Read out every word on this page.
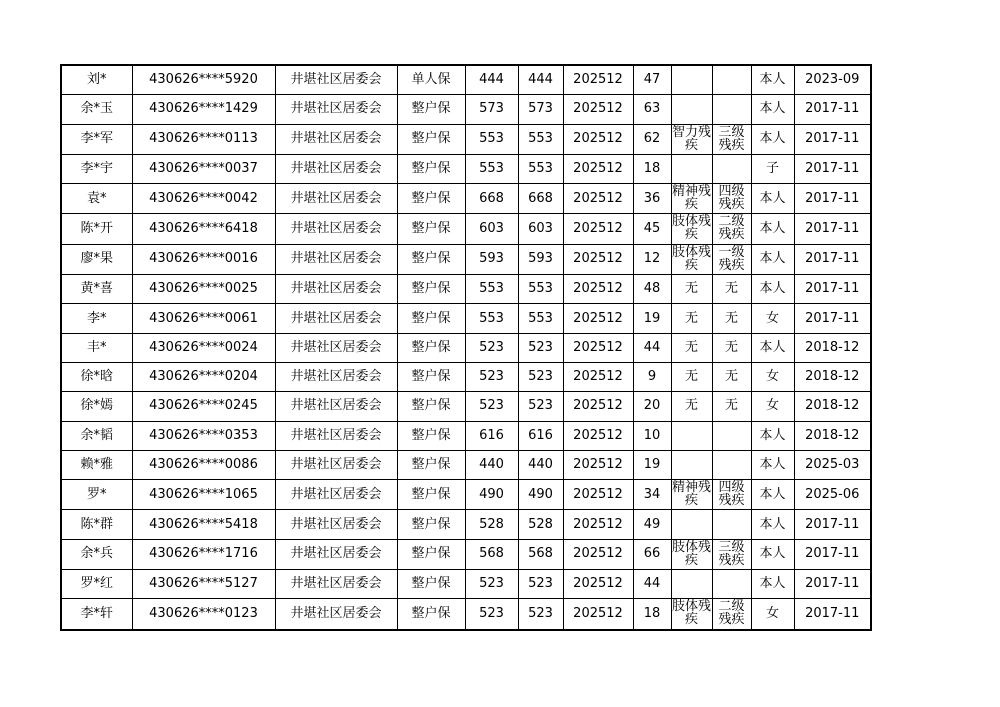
刘*	430626****5920	井堪社区居委会	单人保	444	444	202512	47			本人	2023-09
余*玉	430626****1429	井堪社区居委会	整户保	573	573	202512	63			本人	2017-11
李*军	430626****0113	井堪社区居委会	整户保	553	553	202512	62	智力残疾	三级残疾	本人	2017-11
李*宇	430626****0037	井堪社区居委会	整户保	553	553	202512	18			子	2017-11
袁*	430626****0042	井堪社区居委会	整户保	668	668	202512	36	精神残疾	四级残疾	本人	2017-11
陈*开	430626****6418	井堪社区居委会	整户保	603	603	202512	45	肢体残疾	二级残疾	本人	2017-11
廖*果	430626****0016	井堪社区居委会	整户保	593	593	202512	12	肢体残疾	一级残疾	本人	2017-11
黄*喜	430626****0025	井堪社区居委会	整户保	553	553	202512	48	无	无	本人	2017-11
李*	430626****0061	井堪社区居委会	整户保	553	553	202512	19	无	无	女	2017-11
丰*	430626****0024	井堪社区居委会	整户保	523	523	202512	44	无	无	本人	2018-12
徐*晗	430626****0204	井堪社区居委会	整户保	523	523	202512	9	无	无	女	2018-12
徐*嫣	430626****0245	井堪社区居委会	整户保	523	523	202512	20	无	无	女	2018-12
余*韬	430626****0353	井堪社区居委会	整户保	616	616	202512	10			本人	2018-12
赖*雅	430626****0086	井堪社区居委会	整户保	440	440	202512	19			本人	2025-03
罗*	430626****1065	井堪社区居委会	整户保	490	490	202512	34	精神残疾	四级残疾	本人	2025-06
陈*群	430626****5418	井堪社区居委会	整户保	528	528	202512	49			本人	2017-11
余*兵	430626****1716	井堪社区居委会	整户保	568	568	202512	66	肢体残疾	三级残疾	本人	2017-11
罗*红	430626****5127	井堪社区居委会	整户保	523	523	202512	44			本人	2017-11
李*轩	430626****0123	井堪社区居委会	整户保	523	523	202512	18	肢体残疾	二级残疾	女	2017-11
